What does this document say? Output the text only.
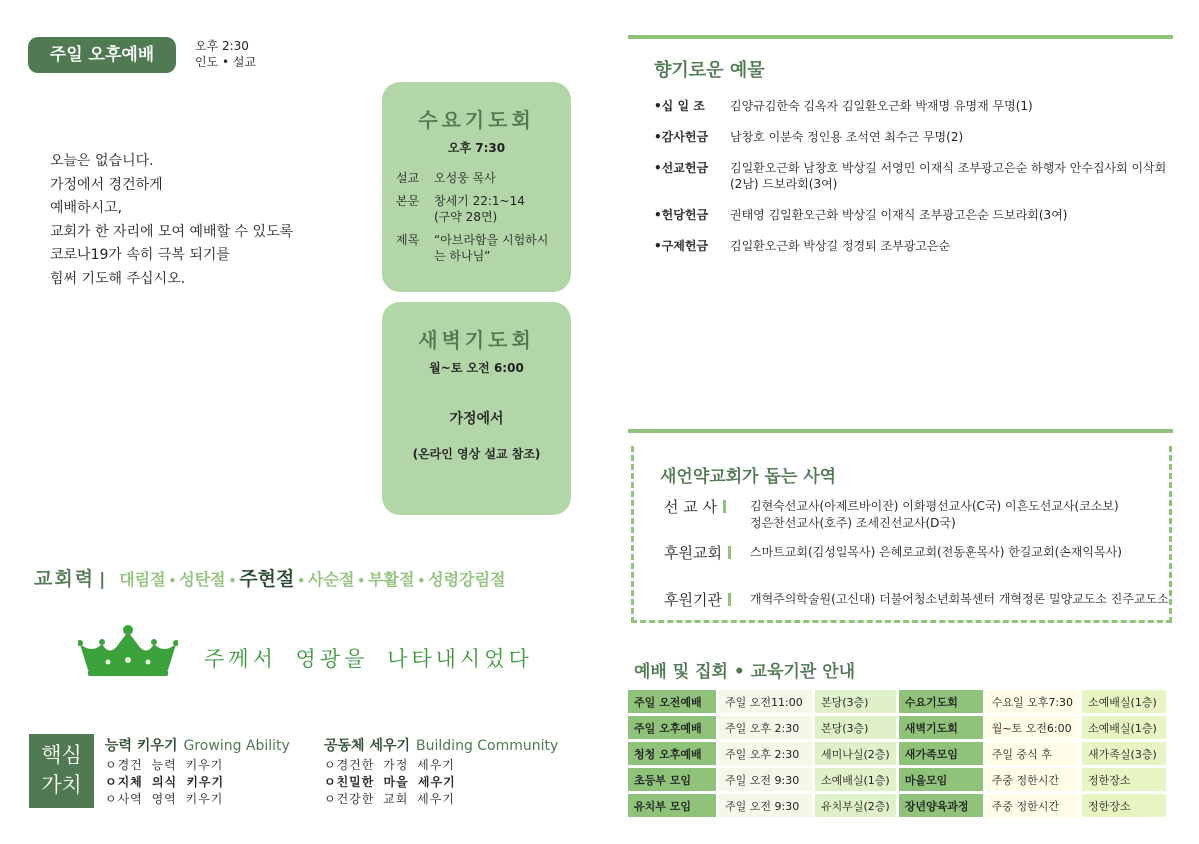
주일 오후예배	오후 2:30
인도 • 설교
오늘은 없습니다.
가정에서 경건하게
예배하시고,
교회가 한 자리에 모여 예배할 수 있도록
코로나19가 속히 극복 되기를
힘써 기도해 주십시오.
수요기도회
오후 7:30
설교	오성웅 목사
본문	창세기 22:1~14
(구약 28면)

제목	“아브라함을 시험하시는 하나님”
새벽기도회
월~토 오전 6:00
가정에서
(온라인 영상 설교 참조)
교회력 | 대림절 • 성탄절 • 주현절 • 사순절 • 부활절 • 성령강림절
주께서 영광을 나타내시었다
핵심
가치
능력 키우기 Growing Ability
ㅇ경건 능력 키우기
ㅇ지체 의식 키우기
ㅇ사역 영역 키우기
공동체 세우기 Building Community
ㅇ경건한 가정 세우기
ㅇ친밀한 마을 세우기
ㅇ건강한 교회 세우기
향기로운 예물
•십 일 조	김양규김한숙 김옥자 김일환오근화 박재명 유명재 무명(1)
•감사헌금	남창호 이분숙 정인용 조석연 최수근 무명(2)
•선교헌금	김일환오근화 남창호 박상길 서영민 이재식 조부광고은순 하행자 안수집사회 이삭회(2남) 드보라회(3여)
•헌당헌금	권태영 김일환오근화 박상길 이재식 조부광고은순 드보라회(3여)
•구제헌금	김일환오근화 박상길 정경퇴 조부광고은순
새언약교회가 돕는 사역
선 교 사	김현숙선교사(아제르바이잔) 이화평선교사(C국) 이흔도선교사(코소보)
정은찬선교사(호주) 조세진선교사(D국)
후원교회	스마트교회(김성일목사) 은혜로교회(전동훈목사) 한길교회(손재익목사)
후원기관	개혁주의학술원(고신대) 더불어청소년회복센터 개혁정론 밀양교도소 진주교도소
예배 및 집회 • 교육기관 안내
주일 오전예배	주일 오전11:00	본당(3층)	수요기도회	수요일 오후7:30	소예배실(1층)
주일 오후예배	주일 오후 2:30	본당(3층)	새벽기도회	월~토 오전6:00	소예배실(1층)
청청 오후예배	주일 오후 2:30	세미나실(2층)	새가족모임	주일 중식 후	새가족실(3층)
초등부 모임	주일 오전 9:30	소예배실(1층)	마을모임	주중 정한시간	정한장소
유치부 모임	주일 오전 9:30	유치부실(2층)	장년양육과정	주중 정한시간	정한장소
